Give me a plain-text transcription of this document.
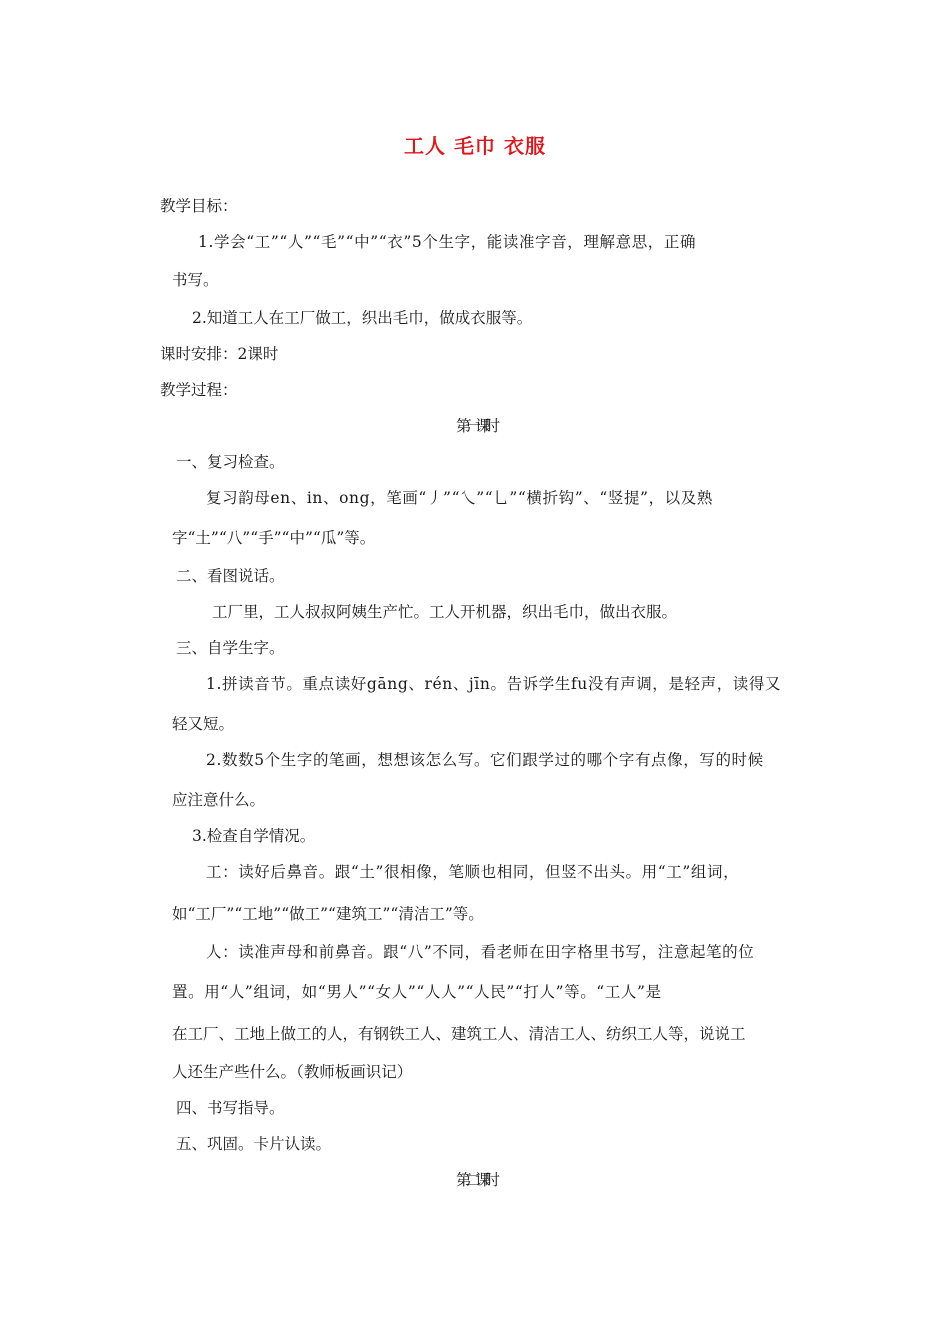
工人 毛巾 衣服
教学目标：
1.学会“工”“人”“毛”“中”“衣”5个生字，能读准字音，理解意思，正确
书写。
2.知道工人在工厂做工，织出毛巾，做成衣服等。
课时安排：2课时
教学过程：
第一课时
一、复习检查。
复习韵母en、in、ong，笔画“丿”“乀”“乚”“横折钩”、“竖提”，以及熟
字“土”“八”“手”“中”“瓜”等。
二、看图说话。
工厂里，工人叔叔阿姨生产忙。工人开机器，织出毛巾，做出衣服。
三、自学生字。
1.拼读音节。重点读好gāng、rén、jīn。告诉学生fu没有声调，是轻声，读得又
轻又短。
2.数数5个生字的笔画，想想该怎么写。它们跟学过的哪个字有点像，写的时候
应注意什么。
3.检查自学情况。
工：读好后鼻音。跟“土”很相像，笔顺也相同，但竖不出头。用“工”组词，
如“工厂”“工地”“做工”“建筑工”“清洁工”等。
人：读准声母和前鼻音。跟“八”不同，看老师在田字格里书写，注意起笔的位
置。用“人”组词，如“男人”“女人”“人人”“人民”“打人”等。“工人”是
在工厂、工地上做工的人，有钢铁工人、建筑工人、清洁工人、纺织工人等，说说工
人还生产些什么。（教师板画识记）
四、书写指导。
五、巩固。卡片认读。
第二课时
